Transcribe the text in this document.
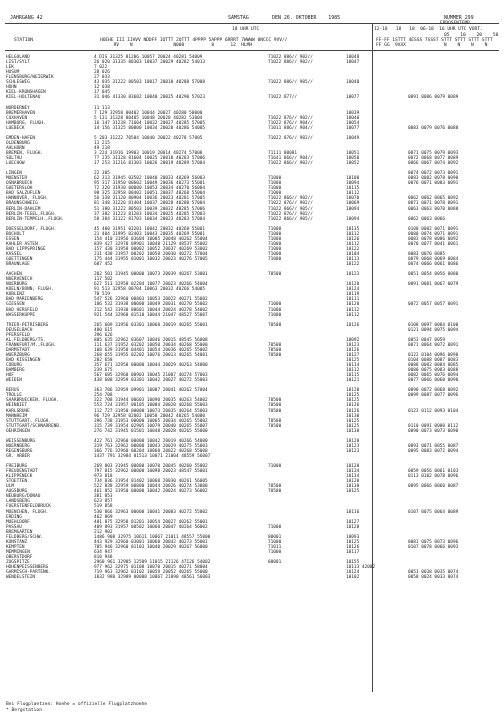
JAHRGANG 42	SAMSTAG	DEN 26. OKTOBER    1985	NUMMER 299
18 UHR UTC	12-18   18   18  06-18  16 UHR UTC VORT.
ERDOSENTEMP.
05    10    20    50
STATION	HOEHE III IIHVV NDDFF 1QTTT 2QTTT 4PPPP 5APPP 6RRRT 7WWWW 8NCCC 9VV//
RV    N               N000          8      12  HLMH
FF-FF 1STTT 4ESSS 7SSST STTT STTT STTT STTT
FF GG  9XXX              N    N    N    N
HELGOLAND	4 DIS 31325 81206 10057 20024 40281 54009	71022 886// 902//	10048
LIST/SYLT	26 020 31335 80303 10037 20029 40282 54013	71022 886// 902//	10047
LEK	7 022
HUSUM	28 026
FLENSBURG/WEIERWIK	27 033
SCHLESWIG	43 035 31222 80503 10017 20010 40288 57008	71022 886// 905//	10040
HOHN	12 038
KIEL-KRONSHAGEN	17 045
KIEL-HOLTENAU	31 046 41330 83602 10040 20025 40290 57023	71022 877//	10077	0091 0086 0079 0089
NORDERNEY	11 113
BREMERHAVEN	7 129 32958 00402 10044 20027 40280 50000	10039
CUXHAVEN	5 131 31328 80405 10048 20028 40282 53004	71022 876// 902//	10040
HAMBURG, FLUGH.	16 147 31238 71604 10032 20027 40285 57005	71022 876// 904//	10054
LUEBECK	14 156 31325 80000 10034 20020 40286 54005	71011 886// 904//	10077	0083 0079 0076 0088
EMDEN-HAFEN	5 203 31222 70504 10040 20022 40278 57005	71022 876// 902//	10049
OLDENBURG	11 215
AHLHORN	49 218
BREMEN, FLUGH.	3 224 31916 19903 10019 20014 40274 57008	71111 80001	10051	0071 0075 0079 0093
SOLTAU	77 235 31328 81604 10025 20018 40283 57006	71641 866// 904//	10050	0072 0068 0077 0089
LUECHOW	17 253 31216 81303 10026 20019 40289 57004	71022 866// 902//	10052	0066 0067 0074 0092
LINGEN	22 305	0074 0072 0073 0091
MUENSTER	62 313 31945 03502 10040 20033 40269 56003	71000	10108	0083 0082 0078 0090
OSNABRUECK	95 317 31950 00602 10049 20036 40273 55001	71000	10094	0076 0071 0083 0091
GUETERSLOH	72 320 31930 00000 10053 20034 40270 56004	71000	10115
BAD SALZUFLEN	98 325 32958 00402 10051 20037 40268 55004	71000	10112
HANNOVER, FLUGH.	56 338 31120 80904 10036 20023 40281 57005	71022 866// 902//	10070	0062 0062 0065 0092
BRAUNSCHWEIG	81 348 31220 81404 10037 20028 40280 57004	71022 876// 902//	10069	0071 0071 0078 0091
BERLIN-DAHLEM	51 380 31222 80503 10039 20032 40285 57006	71022 866// 905//	10094	0063 0063 0070 0088
BERLIN-TEGEL,FLUGH.	37 382 31223 81203 10034 20025 40285 57003	71022 876// 902//
BERLIN-TEMPELH.,FLUGH.	50 384 31122 81703 10034 20023 40283 57004	71022 866// 905//	10094	0062 0063 0066
DUESSELDORF, FLUGH.	45 400 31951 03201 10042 20032 40268 55001	71000	10135	0100 0082 0071 0091
BOCHOLT	21 404 31995 02403 10043 20035 40269 55001	71000	10112	0080 0074 0071 0091
ESSEN	154 410 31956 03604 10085 20048 40262 55004	71000	10126	0083 0078 0086 0092
KAHLER ASTEN	839 427 32970 09901 10048 21129 48537 55002	71000	10112	0070 0077 0041 0061
BAD LIPPSPRINGE	157 430 31950 00002 10052 20037 40269 53002	71000	10122
KASSEL	231 438 31957 00202 10058 20030 40272 57004	71000	10104	0083 0070 0085
GOETTINGEN	175 444 31955 01001 10032 20023 40276 57005	71000	10113	0079 0068 0069 0084
BRAUNLAGE	607 452	10122	0074 0066 0061 0086
AACHEN	202 501 31945 00000 10073 20039 40267 53001	70500	10123	0051 0054 0056 0080
NOERVENICH	117 502
NUERBURG	627 513 32958 02204 10077 20023 40266 54004	10120	0091 0081 0067 0079
KOELN/BONN, FLUGH.	91 513 32958 00704 10063 20032 40266 54005	10124
KOBLENZ	70 519	10119
BAD MARIENBERG	547 526 32960 00803 10053 20022 40271 55002	10111
GIESSEN	186 532 31938 00000 10049 20031 40270 55002	71000	10120	0072 0057 0057 0091
BAD HERSFELD	212 542 31930 00601 10044 20024 40278 54002	71000	10112
WASSERKUPPE	921 544 32968 01510 10044 21047 48527 55007	71000	10112
TRIER-PETRISBERG	265 609 31956 03301 10068 20019 40265 55001	70500	10126	0108 0097 0084 0100
DEUSELBACH	480 615	0121 0094 0075 0094
PFERSFELD	396 626
KL.FELDBERG/TS.	805 635 32962 03607 10046 20015 48545 56008	10092	0053 0047 0059
FRANKFURT/M.,FLUGH.	111 637 31952 03202 10050 20034 40268 55000	70500	10123	0071 0064 0072 0091
DARMSTADT	108 639 31950 04401 10054 20036 40265 55002	70500	10126
WUERZBURG	268 655 31955 02202 10076 20013 40265 54001	70500	10127	0122 0104 0096 0090
BAD KISSINGEN	282 658	10125	0104 0088 0087 0083
COBURG	357 671 32958 00000 10044 20029 40263 54000	10114	0088 0082 0084 0085
BAMBERG	239 675	10112	0080 0075 0083 0088
HOF	567 685 32960 00903 10045 21007 40274 57003	10115	0082 0065 0076 0094
WEIDEN	438 688 32959 03301 10042 20027 40272 55003	10121	0077 0066 0060 0090
BERUS	363 706 32959 09901 10087 20041 40262 57004	10120	0090 0072 0068 0092
TROLLE	254 708	10125	0099 0087 0077 0096
SAARBRUECKEN, FLUGH.	322 708 31944 00603 10090 20035 40263 54002	70500	10125
WEINBIET	553 724 31957 00105 10084 20020 40268 55003	70500	10126
KARLSRUHE	112 727 31950 00000 10073 20035 40264 55003	70500	10126	0123 0112 0093 0104
MANNHEIM	96 729 32958 02002 10058 20042 40265 54000	10130
STUTTGART, FLUGH.	396 738 31953 00000 10065 20034 40265 55002	70500	10125
STUTTGART/SCHNARRENB.	315 739 31954 02905 10079 20040 40265 55007	70500	10125	0110 0091 0080 0112
OEHRINGEN	276 742 31945 01501 10048 20028 40265 55000	10130	0090 0073 0073 0090
WEISSENBURG	422 761 32960 00000 10042 20019 40266 54000	10120
NUERNBERG	319 763 32962 00000 10043 20029 40275 55003	10123	0093 0071 0055 0087
REGENSBURG	366 776 32960 00204 10060 20022 40268 55000	10123	0095 0083 0072 0094
GR. ARBER	1437 791 32984 01513 10071 21004 48559 56007
FREIBURG	269 803 31945 00000 10070 20045 40260 55002	71000	10128
FREUDENSTADT	797 815 32962 00000 10098 20023 48547 55001	10134	0059 0056 0061 0103
KLIPPENECK	973 818	10134	0113 0102 0078 0096
STOETTEN	734 836 31954 01402 10060 20030 40261 56005	10120
ULM	522 838 32959 00000 10044 20026 40274 53000	70500	10130	0095 0066 0060 0087
AUGSBURG	461 852 31950 00000 10042 20024 40273 56002	70500	10125
NEUBURG/DONAU	381 853
LANDSBERG	623 857
FUERSTENFELDBRUCK	519 858
MUENCHEN, FLUGH.	530 866 32963 00000 10041 20003 40272 55002	10116	0107 0075 0064 0089
ERDING	462 869
MUEHLDORF	401 875 32958 01201 10054 20027 40262 55001	10127
PASSAU	409 893 31957 00502 10060 20047 40264 56002	71000	10128
BREMGARTEN	212 902
FELDBERG/SCHW.	1486 908 32975 10611 10067 21011 48557 55000	80001	10093
KONSTANZ	443 929 32960 03001 10060 20042 40273 55001	71000	10125	0081 0075 0073 0096
KEMPTEN	705 946 32960 01103 10040 20029 40267 56000	71011	10126	0107 0078 0066 0093
MEMMINGEN	634 947	71000	10117
OBERSTDORF	810 948
ZUGSPITZE	2960 961 32985 12509 11015 21126 47126 54002	80001	10155
HOHENPEISSENBERG	977 962 32975 01108 10070 20015 40271 58004	10113 42002
GARMISCH-PARTENK.	719 963 32962 03102 10059 20052 40265 55000	10124	0051 0038 0035 0074
WENDELSTEIN	1832 980 32989 00000 10067 21090 48561 56003	10102	0058 0024 0033 0074
Bei Flugplaetzen: Hoehe = offizielle Flugplatzhoehe
* Bergstation
